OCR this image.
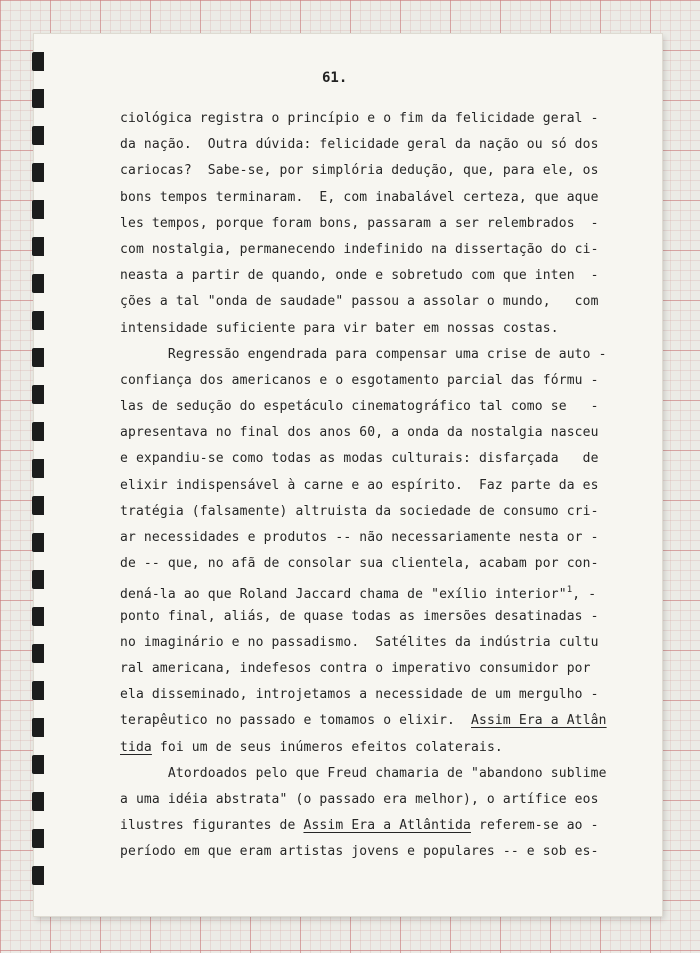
61.
ciológica registra o princípio e o fim da felicidade geral -
da nação.  Outra dúvida: felicidade geral da nação ou só dos
cariocas?  Sabe-se, por simplória dedução, que, para ele, os
bons tempos terminaram.  E, com inabalável certeza, que aque
les tempos, porque foram bons, passaram a ser relembrados  -
com nostalgia, permanecendo indefinido na dissertação do ci-
neasta a partir de quando, onde e sobretudo com que inten  -
ções a tal "onda de saudade" passou a assolar o mundo,   com
intensidade suficiente para vir bater em nossas costas.
Regressão engendrada para compensar uma crise de auto -
confiança dos americanos e o esgotamento parcial das fórmu -
las de sedução do espetáculo cinematográfico tal como se   -
apresentava no final dos anos 60, a onda da nostalgia nasceu
e expandiu-se como todas as modas culturais: disfarçada   de
elixir indispensável à carne e ao espírito.  Faz parte da es
tratégia (falsamente) altruista da sociedade de consumo cri-
ar necessidades e produtos -- não necessariamente nesta or -
de -- que, no afã de consolar sua clientela, acabam por con-
dená-la ao que Roland Jaccard chama de "exílio interior"$^1$, -
ponto final, aliás, de quase todas as imersões desatinadas -
no imaginário e no passadismo.  Satélites da indústria cultu
ral americana, indefesos contra o imperativo consumidor por
ela disseminado, introjetamos a necessidade de um mergulho -
terapêutico no passado e tomamos o elixir.  Assim Era a Atlân
tida foi um de seus inúmeros efeitos colaterais.
Atordoados pelo que Freud chamaria de "abandono sublime
a uma idéia abstrata" (o passado era melhor), o artífice eos
ilustres figurantes de Assim Era a Atlântida referem-se ao -
período em que eram artistas jovens e populares -- e sob es-
